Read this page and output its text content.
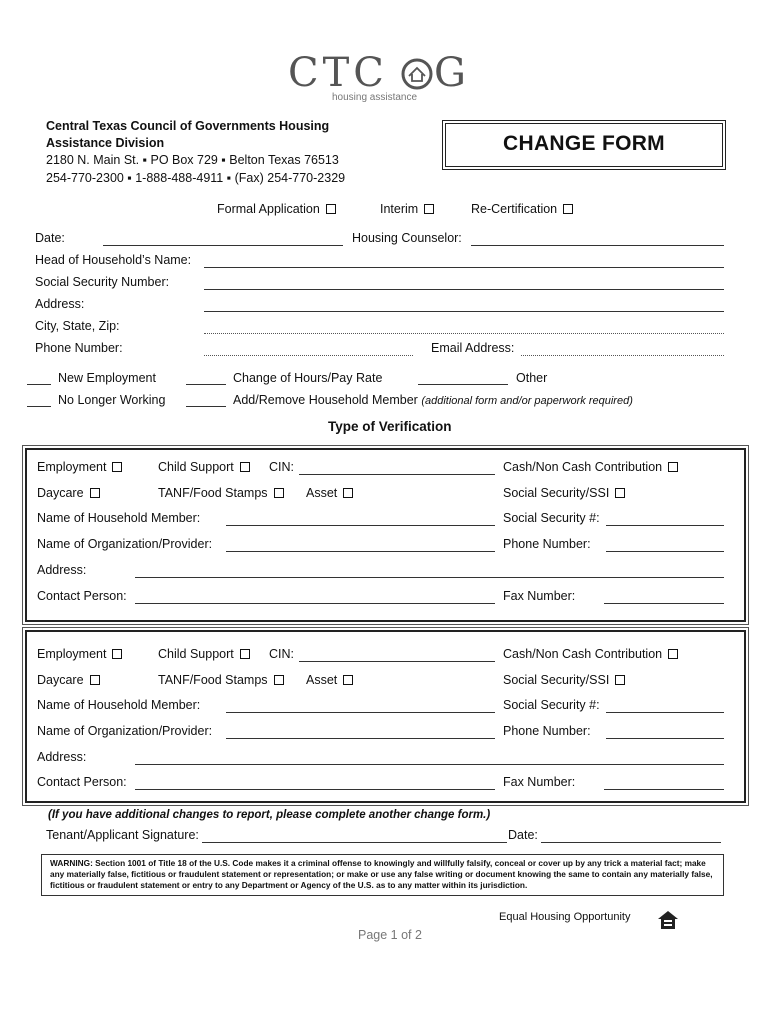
CTC G
housing assistance
Central Texas Council of Governments Housing
Assistance Division
2180 N. Main St. ▪ PO Box 729 ▪ Belton Texas 76513
254-770-2300 ▪ 1-888-488-4911 ▪ (Fax) 254-770-2329
CHANGE FORM
Formal Application	Interim	Re-Certification
Date:	Housing Counselor:
Head of Household’s Name:
Social Security Number:
Address:
City, State, Zip:
Phone Number:	Email Address:
New Employment	Change of Hours/Pay Rate	Other
No Longer Working	Add/Remove Household Member (additional form and/or paperwork required)
Type of Verification
Employment	Child Support	CIN:	Cash/Non Cash Contribution
Daycare	TANF/Food Stamps	Asset	Social Security/SSI
Name of Household Member:	Social Security #:
Name of Organization/Provider:	Phone Number:
Address:
Contact Person:	Fax Number:
Employment	Child Support	CIN:	Cash/Non Cash Contribution
Daycare	TANF/Food Stamps	Asset	Social Security/SSI
Name of Household Member:	Social Security #:
Name of Organization/Provider:	Phone Number:
Address:
Contact Person:	Fax Number:
(If you have additional changes to report, please complete another change form.)
Tenant/Applicant Signature:	Date:
WARNING: Section 1001 of Title 18 of the U.S. Code makes it a criminal offense to knowingly and willfully falsify, conceal or cover up by any trick a material fact; make any materially false, fictitious or fraudulent statement or representation; or make or use any false writing or document knowing the same to contain any materially false, fictitious or fraudulent statement or entry to any Department or Agency of the U.S. as to any matter within its jurisdiction.
Equal Housing Opportunity
Page 1 of 2
